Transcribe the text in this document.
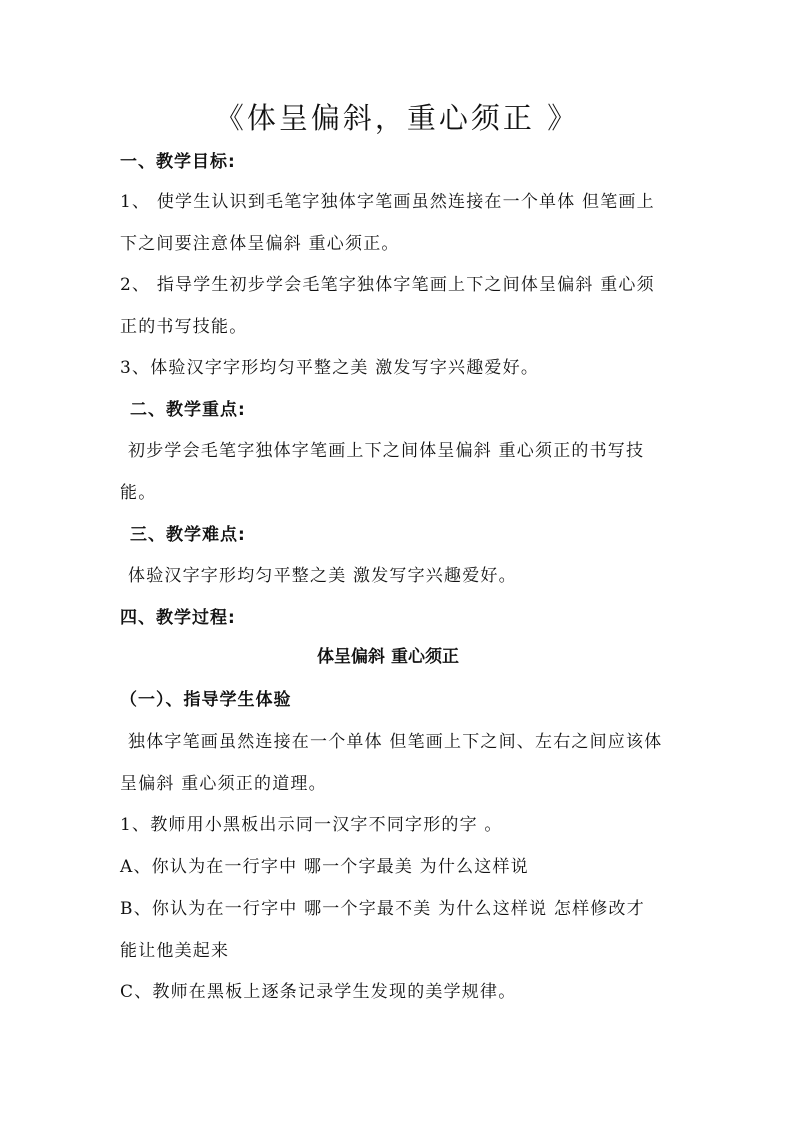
《体呈偏斜，重心须正 》
一、教学目标:
1、 使学生认识到毛笔字独体字笔画虽然连接在一个单体 但笔画上
下之间要注意体呈偏斜 重心须正。
2、 指导学生初步学会毛笔字独体字笔画上下之间体呈偏斜 重心须
正的书写技能。
3、体验汉字字形均匀平整之美 激发写字兴趣爱好。
二、教学重点:
初步学会毛笔字独体字笔画上下之间体呈偏斜 重心须正的书写技
能。
三、教学难点:
体验汉字字形均匀平整之美 激发写字兴趣爱好。
四、教学过程:
体呈偏斜 重心须正
（一）、指导学生体验
独体字笔画虽然连接在一个单体 但笔画上下之间、左右之间应该体
呈偏斜 重心须正的道理。
1、教师用小黑板出示同一汉字不同字形的字 。
A、你认为在一行字中 哪一个字最美 为什么这样说
B、你认为在一行字中 哪一个字最不美 为什么这样说 怎样修改才
能让他美起来
C、教师在黑板上逐条记录学生发现的美学规律。
